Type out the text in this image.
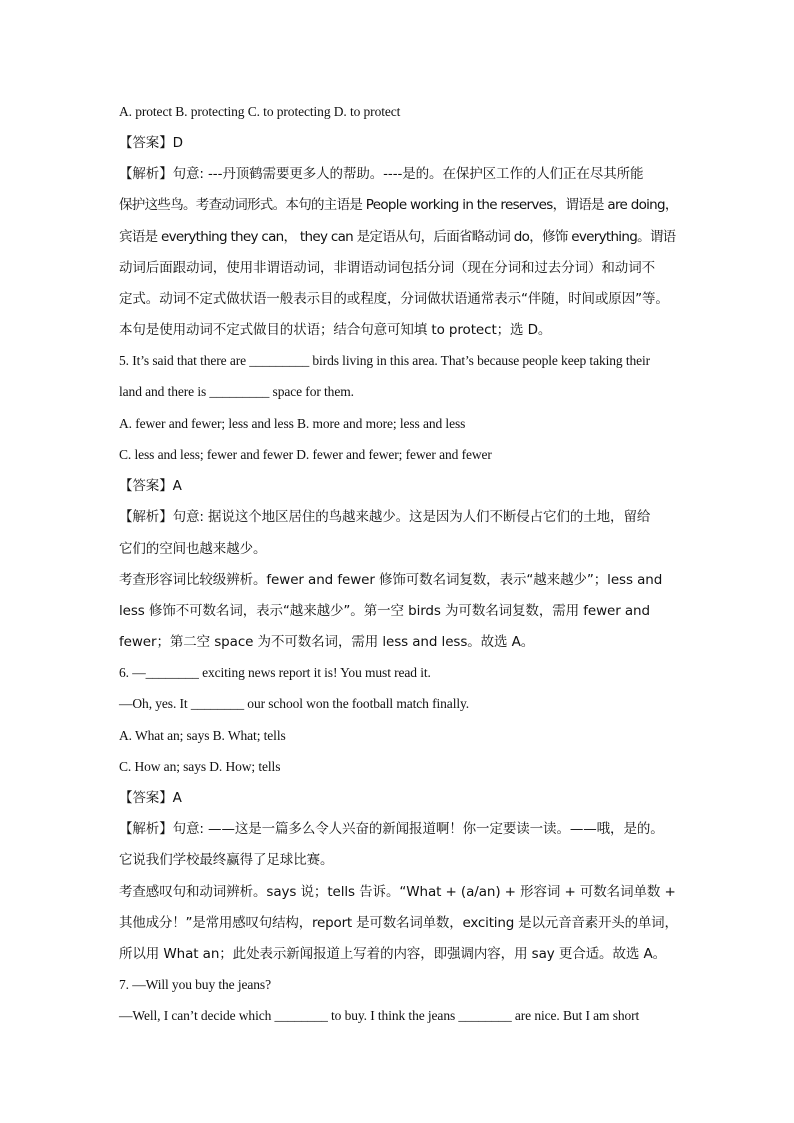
A. protect B. protecting C. to protecting D. to protect
【答案】D
【解析】句意: ---丹顶鹤需要更多人的帮助。----是的。在保护区工作的人们正在尽其所能
保护这些鸟。考查动词形式。本句的主语是 People working in the reserves，谓语是 are doing，
宾语是 everything they can， they can 是定语从句，后面省略动词 do，修饰 everything。谓语
动词后面跟动词，使用非谓语动词，非谓语动词包括分词（现在分词和过去分词）和动词不
定式。动词不定式做状语一般表示目的或程度，分词做状语通常表示“伴随，时间或原因”等。
本句是使用动词不定式做目的状语；结合句意可知填 to protect；选 D。
5. It’s said that there are _________ birds living in this area. That’s because people keep taking their
land and there is _________ space for them.
A. fewer and fewer; less and less B. more and more; less and less
C. less and less; fewer and fewer D. fewer and fewer; fewer and fewer
【答案】A
【解析】句意: 据说这个地区居住的鸟越来越少。这是因为人们不断侵占它们的土地，留给
它们的空间也越来越少。
考查形容词比较级辨析。fewer and fewer 修饰可数名词复数，表示“越来越少”；less and
less 修饰不可数名词，表示“越来越少”。第一空 birds 为可数名词复数，需用 fewer and
fewer；第二空 space 为不可数名词，需用 less and less。故选 A。
6. —________ exciting news report it is! You must read it.
—Oh, yes. It ________ our school won the football match finally.
A. What an; says B. What; tells
C. How an; says D. How; tells
【答案】A
【解析】句意: ——这是一篇多么令人兴奋的新闻报道啊！你一定要读一读。——哦，是的。
它说我们学校最终赢得了足球比赛。
考查感叹句和动词辨析。says 说；tells 告诉。“What + (a/an) + 形容词 + 可数名词单数 +
其他成分！”是常用感叹句结构，report 是可数名词单数，exciting 是以元音音素开头的单词，
所以用 What an；此处表示新闻报道上写着的内容，即强调内容，用 say 更合适。故选 A。
7. —Will you buy the jeans?
—Well, I can’t decide which ________ to buy. I think the jeans ________ are nice. But I am short
